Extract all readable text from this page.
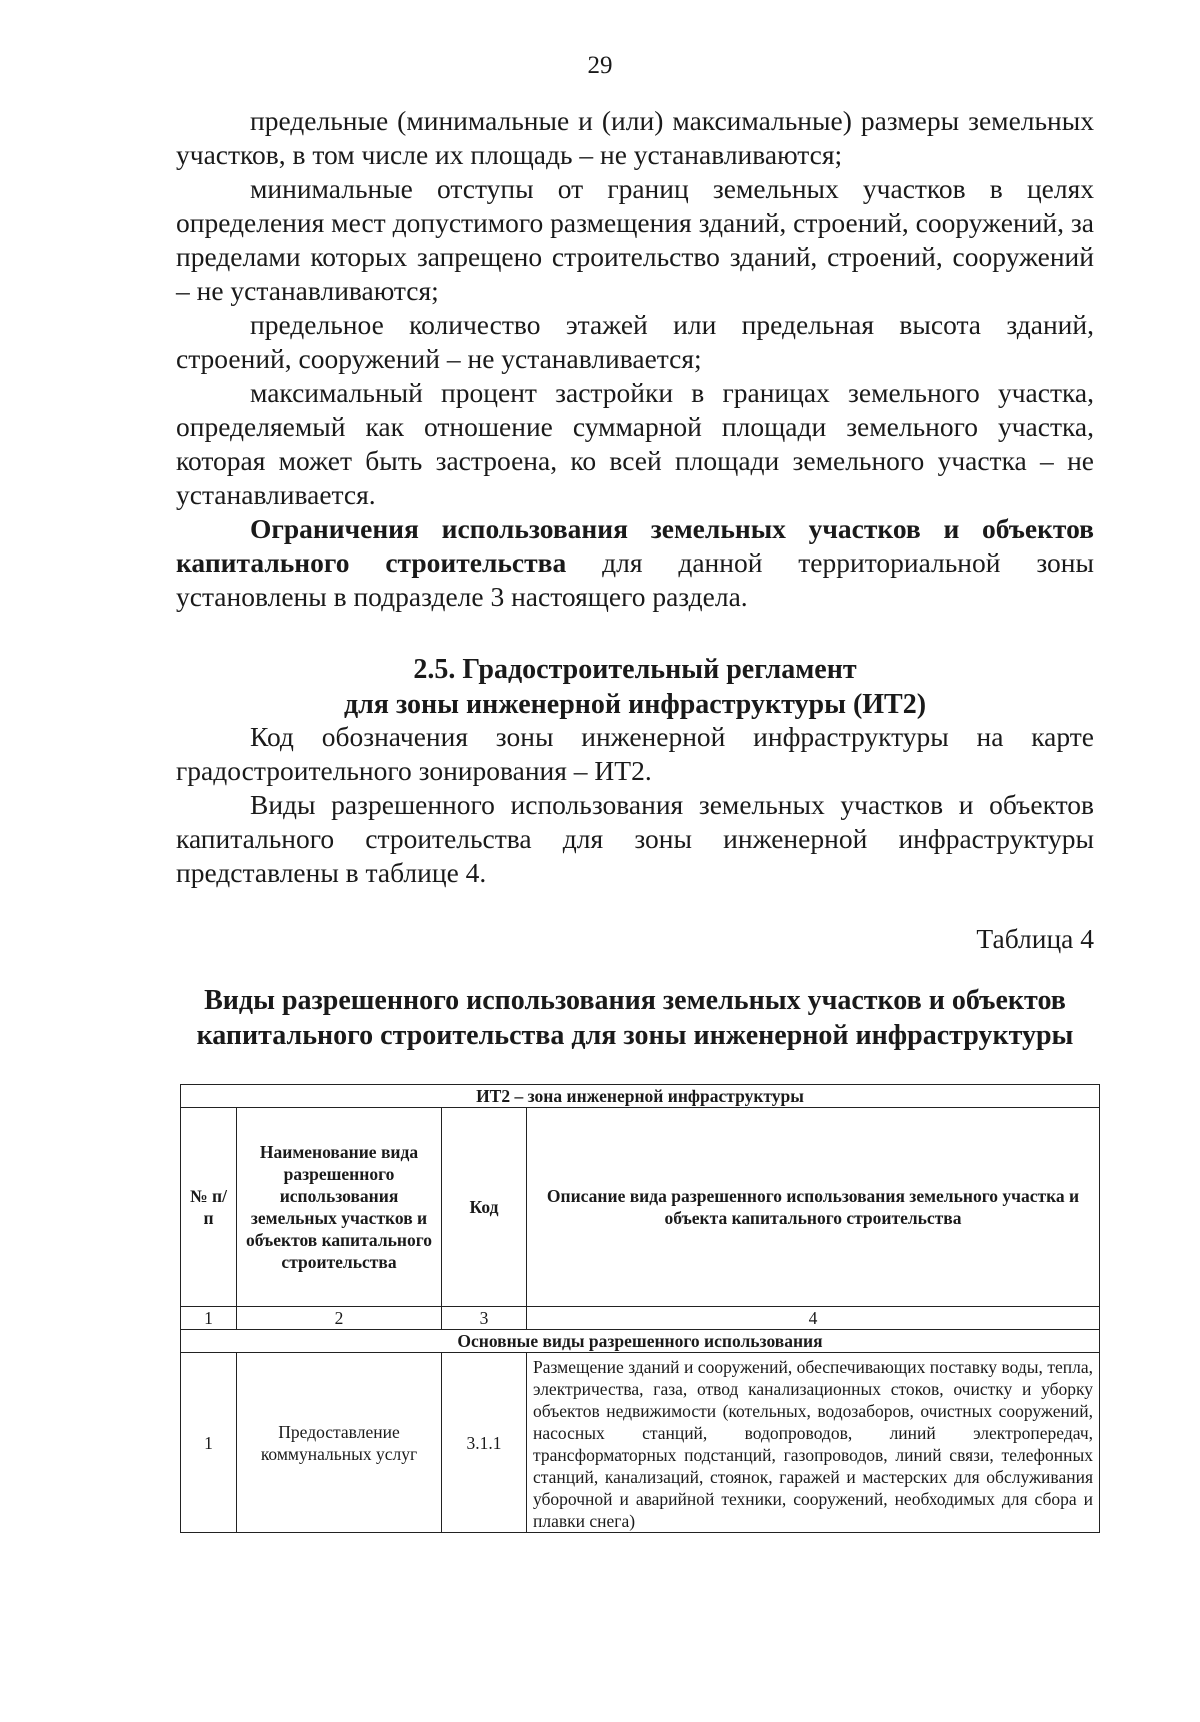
29

предельные (минимальные и (или) максимальные) размеры земельных участков, в том числе их площадь – не устанавливаются;

минимальные отступы от границ земельных участков в целях определения мест допустимого размещения зданий, строений, сооружений, за пределами которых запрещено строительство зданий, строений, сооружений – не устанавливаются;

предельное количество этажей или предельная высота зданий, строений, сооружений – не устанавливается;

максимальный процент застройки в границах земельного участка, определяемый как отношение суммарной площади земельного участка, которая может быть застроена, ко всей площади земельного участка – не устанавливается.

Ограничения использования земельных участков и объектов капитального строительства для данной территориальной зоны установлены в подразделе 3 настоящего раздела.

2.5. Градостроительный регламент
для зоны инженерной инфраструктуры (ИТ2)

Код обозначения зоны инженерной инфраструктуры на карте градостроительного зонирования – ИТ2.

Виды разрешенного использования земельных участков и объектов капитального строительства для зоны инженерной инфраструктуры представлены в таблице 4.

Таблица 4
Виды разрешенного использования земельных участков и объектов
капитального строительства для зоны инженерной инфраструктуры
ИТ2 – зона инженерной инфраструктуры			
№ п/п	Наименование вида разрешенного использования земельных участков и объектов капитального строительства	Код	Описание вида разрешенного использования земельного участка и объекта капитального строительства
1	2	3	4
Основные виды разрешенного использования			
1	Предоставление коммунальных услуг	3.1.1	Размещение зданий и сооружений, обеспечивающих поставку воды, тепла, электричества, газа, отвод канализационных стоков, очистку и уборку объектов недвижимости (котельных, водозаборов, очистных сооружений, насосных станций, водопроводов, линий электропередач, трансформаторных подстанций, газопроводов, линий связи, телефонных станций, канализаций, стоянок, гаражей и мастерских для обслуживания уборочной и аварийной техники, сооружений, необходимых для сбора и плавки снега)
